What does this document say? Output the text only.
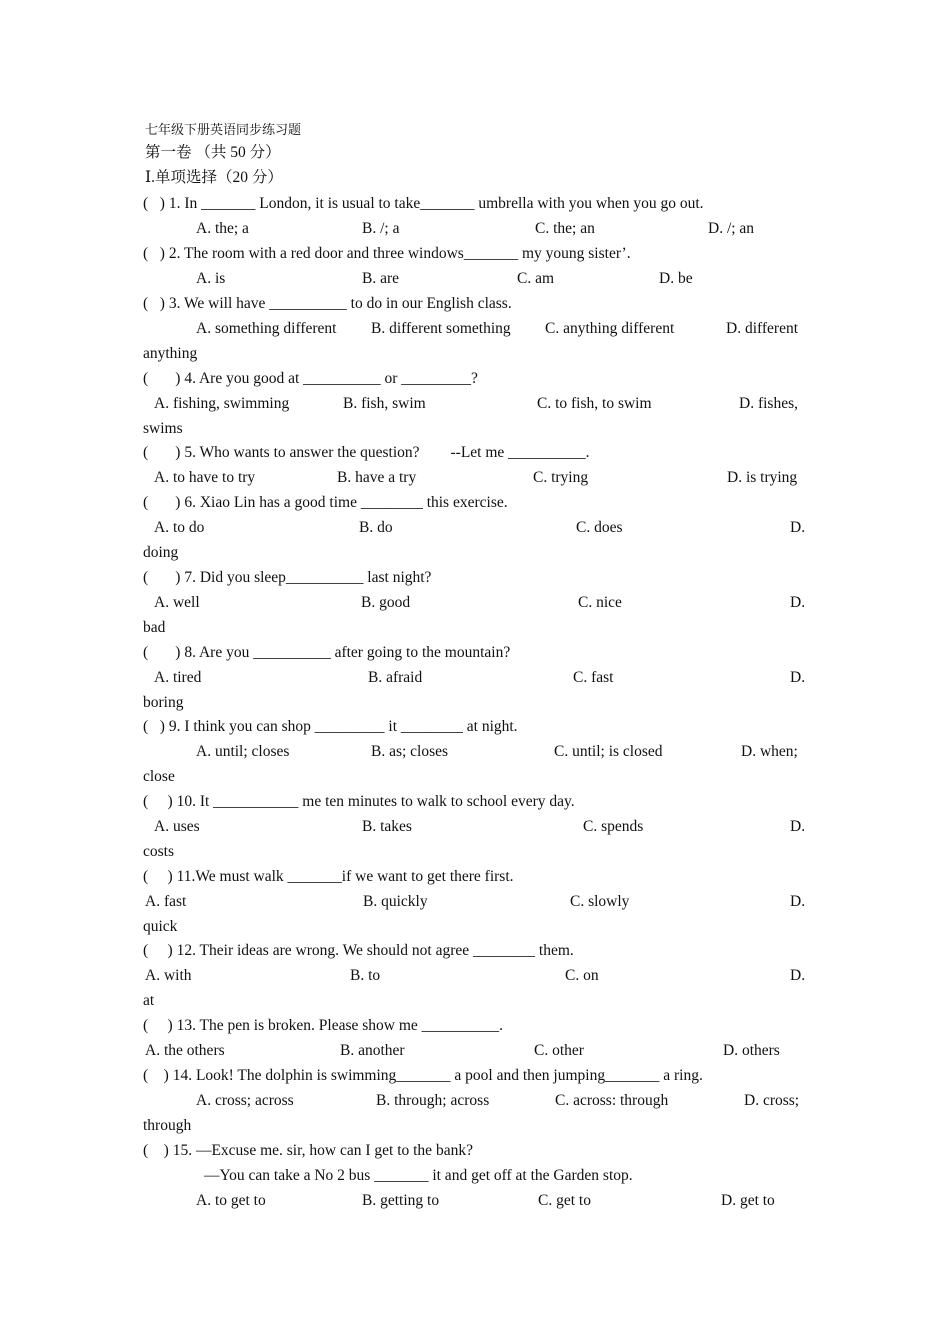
七年级下册英语同步练习题
第一卷 （共 50 分）
Ⅰ.单项选择（20 分）
(   ) 1. In _______ London, it is usual to take_______ umbrella with you when you go out.
A. the; a	B. /; a	C. the; an	D. /; an
(   ) 2. The room with a red door and three windows_______ my young sister’.
A. is	B. are	C. am	D. be
(   ) 3. We will have __________ to do in our English class.
A. something different B. different something C. anything different	D. different
anything
(       ) 4. Are you good at __________ or _________?
A. fishing, swimming	B. fish, swim	C. to fish, to swim	D. fishes,
swims
(       ) 5. Who wants to answer the question?        --Let me __________.
A. to have to try	B. have a try	C. trying	D. is trying
(       ) 6. Xiao Lin has a good time ________ this exercise.
A. to do	B. do	C. does	D.
doing
(       ) 7. Did you sleep__________ last night?
A. well	B. good	C. nice	D.
bad
(       ) 8. Are you __________ after going to the mountain?
A. tired	B. afraid	C. fast	D.
boring
(   ) 9. I think you can shop _________ it ________ at night.
A. until; closes	B. as; closes	C. until; is closed	D. when;
close
(     ) 10. It ___________ me ten minutes to walk to school every day.
A. uses	B. takes	C. spends	D.
costs
(     ) 11.We must walk _______if we want to get there first.
A. fast	B. quickly	C. slowly	D.
quick
(     ) 12. Their ideas are wrong. We should not agree ________ them.
A. with	B. to	C. on	D.
at
(     ) 13. The pen is broken. Please show me __________.
A. the others	B. another	C. other	D. others
(    ) 14. Look! The dolphin is swimming_______ a pool and then jumping_______ a ring.
A. cross; across	B. through; across	C. across: through	D. cross;
through
(    ) 15. —Excuse me. sir, how can I get to the bank?
—You can take a No 2 bus _______ it and get off at the Garden stop.
A. to get to	B. getting to	C. get to	D. get to
